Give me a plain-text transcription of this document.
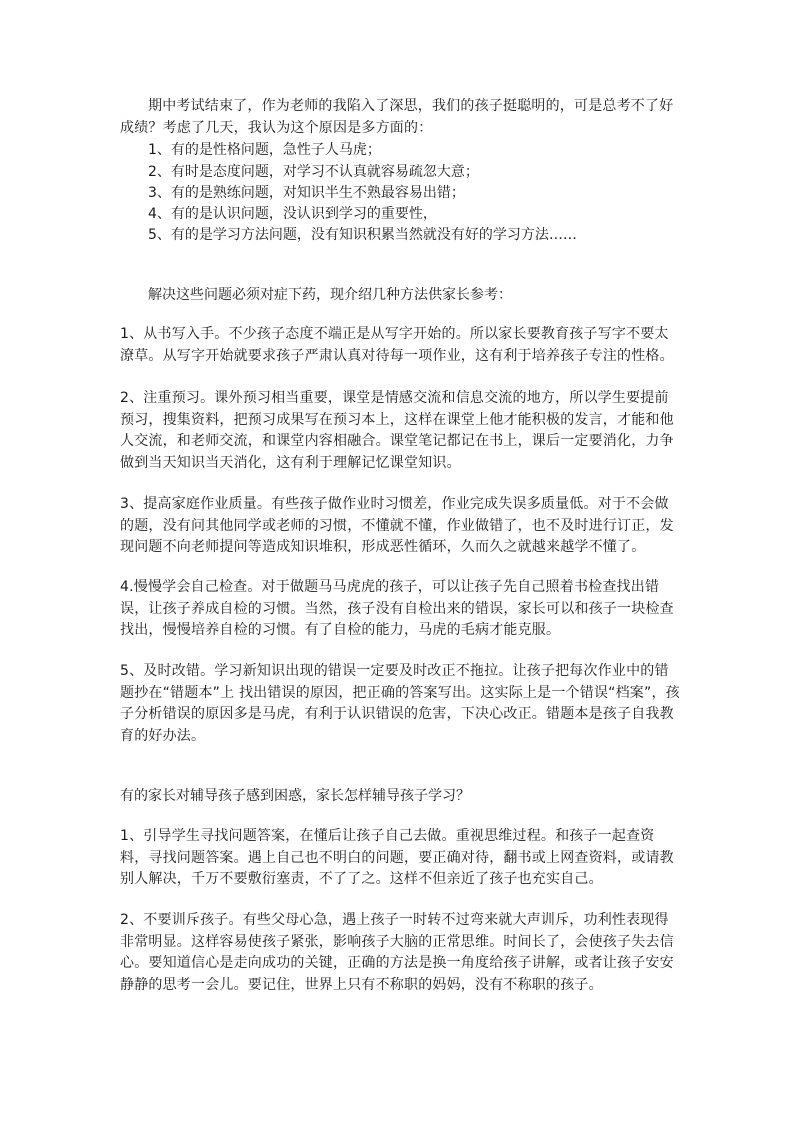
期中考试结束了，作为老师的我陷入了深思，我们的孩子挺聪明的，可是总考不了好成绩？考虑了几天，我认为这个原因是多方面的：
1、有的是性格问题，急性子人马虎；
2、有时是态度问题，对学习不认真就容易疏忽大意；
3、有的是熟练问题，对知识半生不熟最容易出错；
4、有的是认识问题，没认识到学习的重要性，
5、有的是学习方法问题，没有知识积累当然就没有好的学习方法……
解决这些问题必须对症下药，现介绍几种方法供家长参考：
1、从书写入手。不少孩子态度不端正是从写字开始的。所以家长要教育孩子写字不要太潦草。从写字开始就要求孩子严肃认真对待每一项作业，这有利于培养孩子专注的性格。
2、注重预习。课外预习相当重要，课堂是情感交流和信息交流的地方，所以学生要提前预习，搜集资料，把预习成果写在预习本上，这样在课堂上他才能积极的发言，才能和他人交流，和老师交流，和课堂内容相融合。课堂笔记都记在书上，课后一定要消化，力争做到当天知识当天消化，这有利于理解记忆课堂知识。
3、提高家庭作业质量。有些孩子做作业时习惯差，作业完成失误多质量低。对于不会做的题，没有问其他同学或老师的习惯，不懂就不懂，作业做错了，也不及时进行订正，发现问题不向老师提问等造成知识堆积，形成恶性循环，久而久之就越来越学不懂了。
4.慢慢学会自己检查。对于做题马马虎虎的孩子，可以让孩子先自己照着书检查找出错误，让孩子养成自检的习惯。当然，孩子没有自检出来的错误，家长可以和孩子一块检查找出，慢慢培养自检的习惯。有了自检的能力，马虎的毛病才能克服。
5、及时改错。学习新知识出现的错误一定要及时改正不拖拉。让孩子把每次作业中的错题抄在“错题本”上 找出错误的原因，把正确的答案写出。这实际上是一个错误“档案”，孩子分析错误的原因多是马虎，有利于认识错误的危害，下决心改正。错题本是孩子自我教育的好办法。
有的家长对辅导孩子感到困惑，家长怎样辅导孩子学习？
1、引导学生寻找问题答案，在懂后让孩子自己去做。重视思维过程。和孩子一起查资料，寻找问题答案。遇上自己也不明白的问题，要正确对待，翻书或上网查资料，或请教别人解决，千万不要敷衍塞责，不了了之。这样不但亲近了孩子也充实自己。
2、不要训斥孩子。有些父母心急，遇上孩子一时转不过弯来就大声训斥，功利性表现得非常明显。这样容易使孩子紧张，影响孩子大脑的正常思维。时间长了，会使孩子失去信心。要知道信心是走向成功的关键，正确的方法是换一角度给孩子讲解，或者让孩子安安静静的思考一会儿。要记住，世界上只有不称职的妈妈，没有不称职的孩子。
